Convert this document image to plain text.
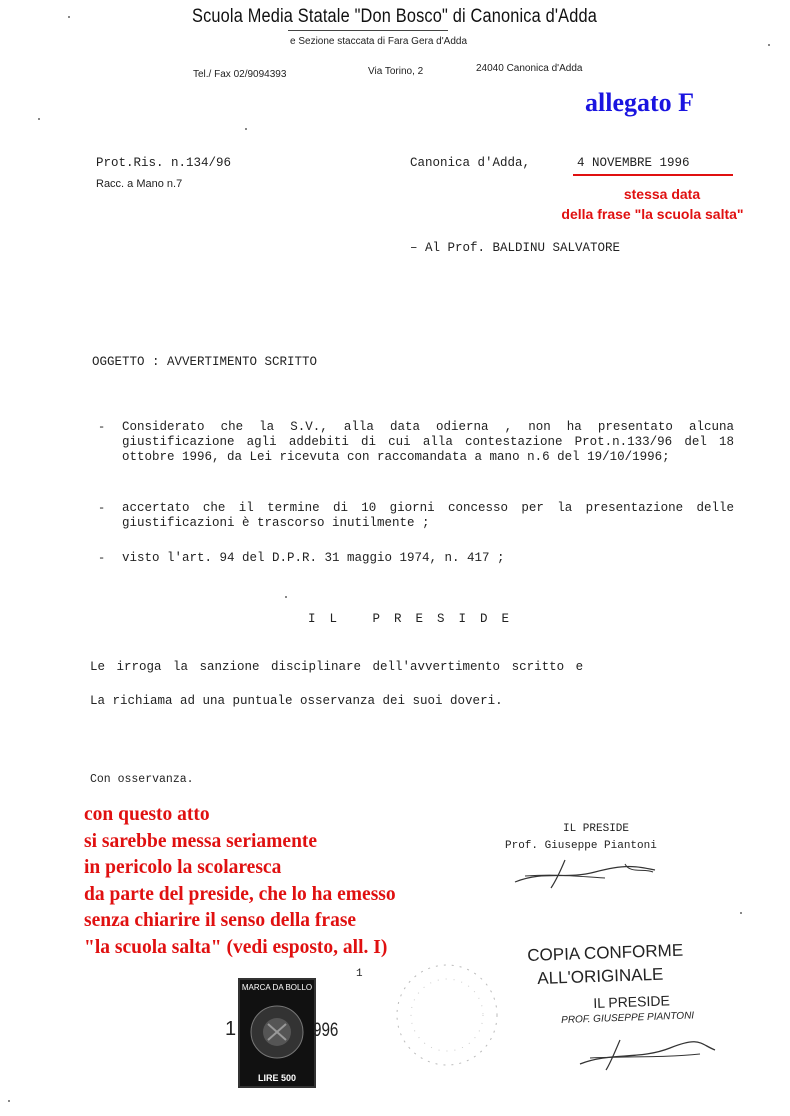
Scuola Media Statale "Don Bosco" di Canonica d'Adda
e Sezione staccata di Fara Gera d'Adda
Tel./ Fax 02/9094393	Via Torino, 2	24040 Canonica d'Adda
allegato F
Prot.Ris. n.134/96
Racc. a Mano n.7
Canonica d'Adda,	4 NOVEMBRE 1996
stessa data
della frase "la scuola salta"
– Al Prof. BALDINU SALVATORE
OGGETTO : AVVERTIMENTO SCRITTO
- Considerato che la S.V., alla data odierna , non ha presentato alcuna giustificazione agli addebiti di cui alla contestazione Prot.n.133/96 del 18 ottobre 1996, da Lei ricevuta con raccomandata a mano n.6 del 19/10/1996;
- accertato che il termine di 10 giorni concesso per la presentazione delle giustificazioni è trascorso inutilmente ;
- visto l'art. 94 del D.P.R. 31 maggio 1974, n. 417 ;
IL PRESIDE
Le irroga la sanzione disciplinare dell'avvertimento scritto e
La richiama ad una puntuale osservanza dei suoi doveri.
Con osservanza.
con questo atto
si sarebbe messa seriamente
in pericolo la scolaresca
da parte del preside, che lo ha emesso
senza chiarire il senso della frase
"la scuola salta" (vedi esposto, all. I)
IL PRESIDE
Prof. Giuseppe Piantoni
1
MARCA DA BOLLO
LIRE 500
1	996
COPIA CONFORME
ALL'ORIGINALE
IL PRESIDE
PROF. GIUSEPPE PIANTONI
